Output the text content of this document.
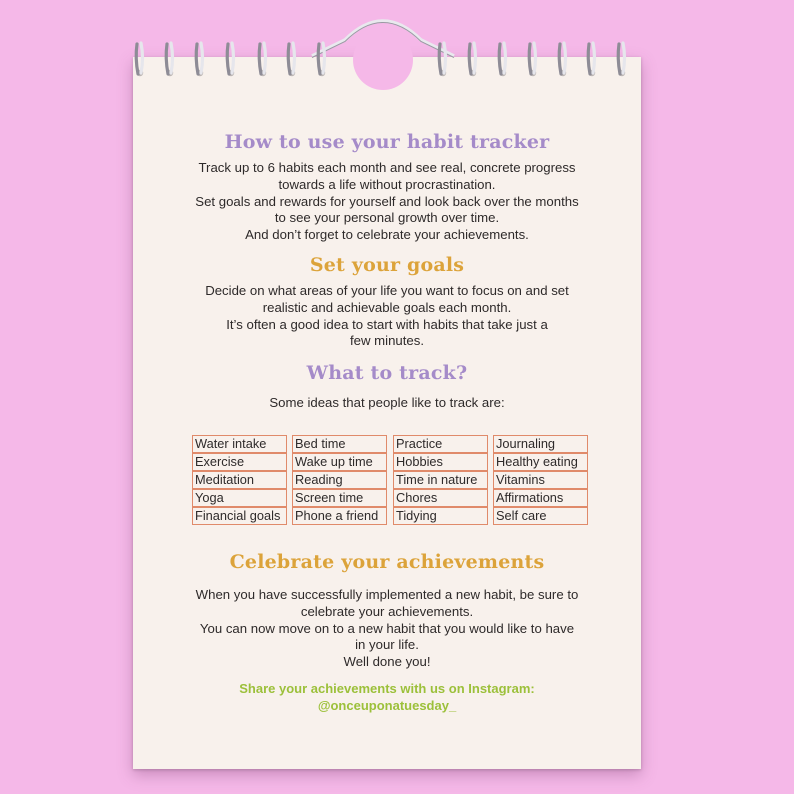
How to use your habit tracker

Track up to 6 habits each month and see real, concrete progress
towards a life without procrastination.
Set goals and rewards for yourself and look back over the months
to see your personal growth over time.
And don’t forget to celebrate your achievements.

Set your goals

Decide on what areas of your life you want to focus on and set
realistic and achievable goals each month.
It’s often a good idea to start with habits that take just a
few minutes.

What to track?

Some ideas that people like to track are:

Water intake
Exercise
Meditation
Yoga
Financial goals
Bed time
Wake up time
Reading
Screen time
Phone a friend
Practice
Hobbies
Time in nature
Chores
Tidying
Journaling
Healthy eating
Vitamins
Affirmations
Self care
Celebrate your achievements

When you have successfully implemented a new habit, be sure to
celebrate your achievements.
You can now move on to a new habit that you would like to have
in your life.
Well done you!

Share your achievements with us on Instagram:
@onceuponatuesday_
